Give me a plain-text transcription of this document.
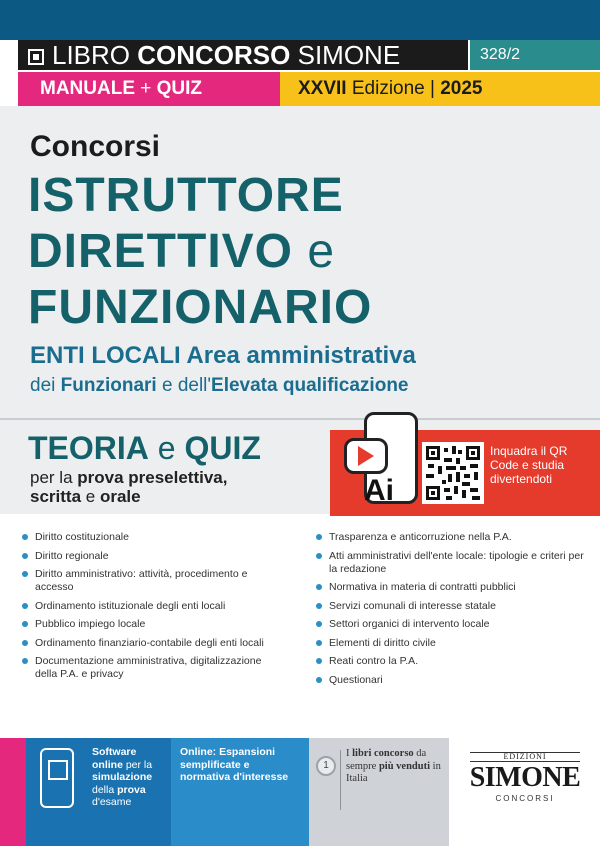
LIBRO CONCORSO SIMONE	328/2
MANUALE + QUIZ	XXVII Edizione | 2025
Concorsi
ISTRUTTORE
DIRETTIVO e
FUNZIONARIO
ENTI LOCALI Area amministrativa
dei Funzionari e dell'Elevata qualificazione
TEORIA e QUIZ
per la prova preselettiva,
scritta e orale	Ai
Inquadra il QR Code e studia divertendoti
Diritto costituzionale
Diritto regionale
Diritto amministrativo: attività, procedimento e accesso
Ordinamento istituzionale degli enti locali
Pubblico impiego locale
Ordinamento finanziario-contabile degli enti locali
Documentazione amministrativa, digitalizzazione della P.A. e privacy
Trasparenza e anticorruzione nella P.A.
Atti amministrativi dell'ente locale: tipologie e criteri per la redazione
Normativa in materia di contratti pubblici
Servizi comunali di interesse statale
Settori organici di intervento locale
Elementi di diritto civile
Reati contro la P.A.
Questionari
Software online per la simulazione della prova d'esame
Online: Espansioni semplificate e normativa d'interesse
1
I libri concorso da sempre più venduti in Italia
EDIZIONI
SIMONE
CONCORSI
